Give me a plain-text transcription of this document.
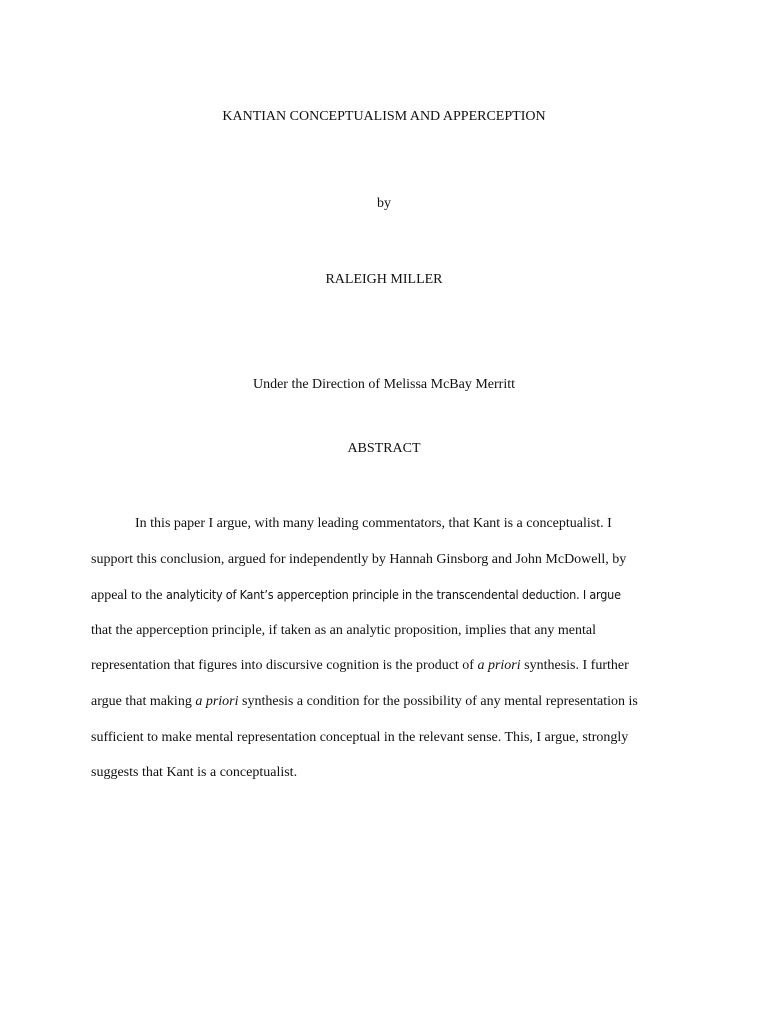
KANTIAN CONCEPTUALISM AND APPERCEPTION
by
RALEIGH MILLER
Under the Direction of Melissa McBay Merritt
ABSTRACT
In this paper I argue, with many leading commentators, that Kant is a conceptualist. I
support this conclusion, argued for independently by Hannah Ginsborg and John McDowell, by
appeal to the analyticity of Kant’s apperception principle in the transcendental deduction. I argue
that the apperception principle, if taken as an analytic proposition, implies that any mental
representation that figures into discursive cognition is the product of a priori synthesis. I further
argue that making a priori synthesis a condition for the possibility of any mental representation is
sufficient to make mental representation conceptual in the relevant sense. This, I argue, strongly
suggests that Kant is a conceptualist.
